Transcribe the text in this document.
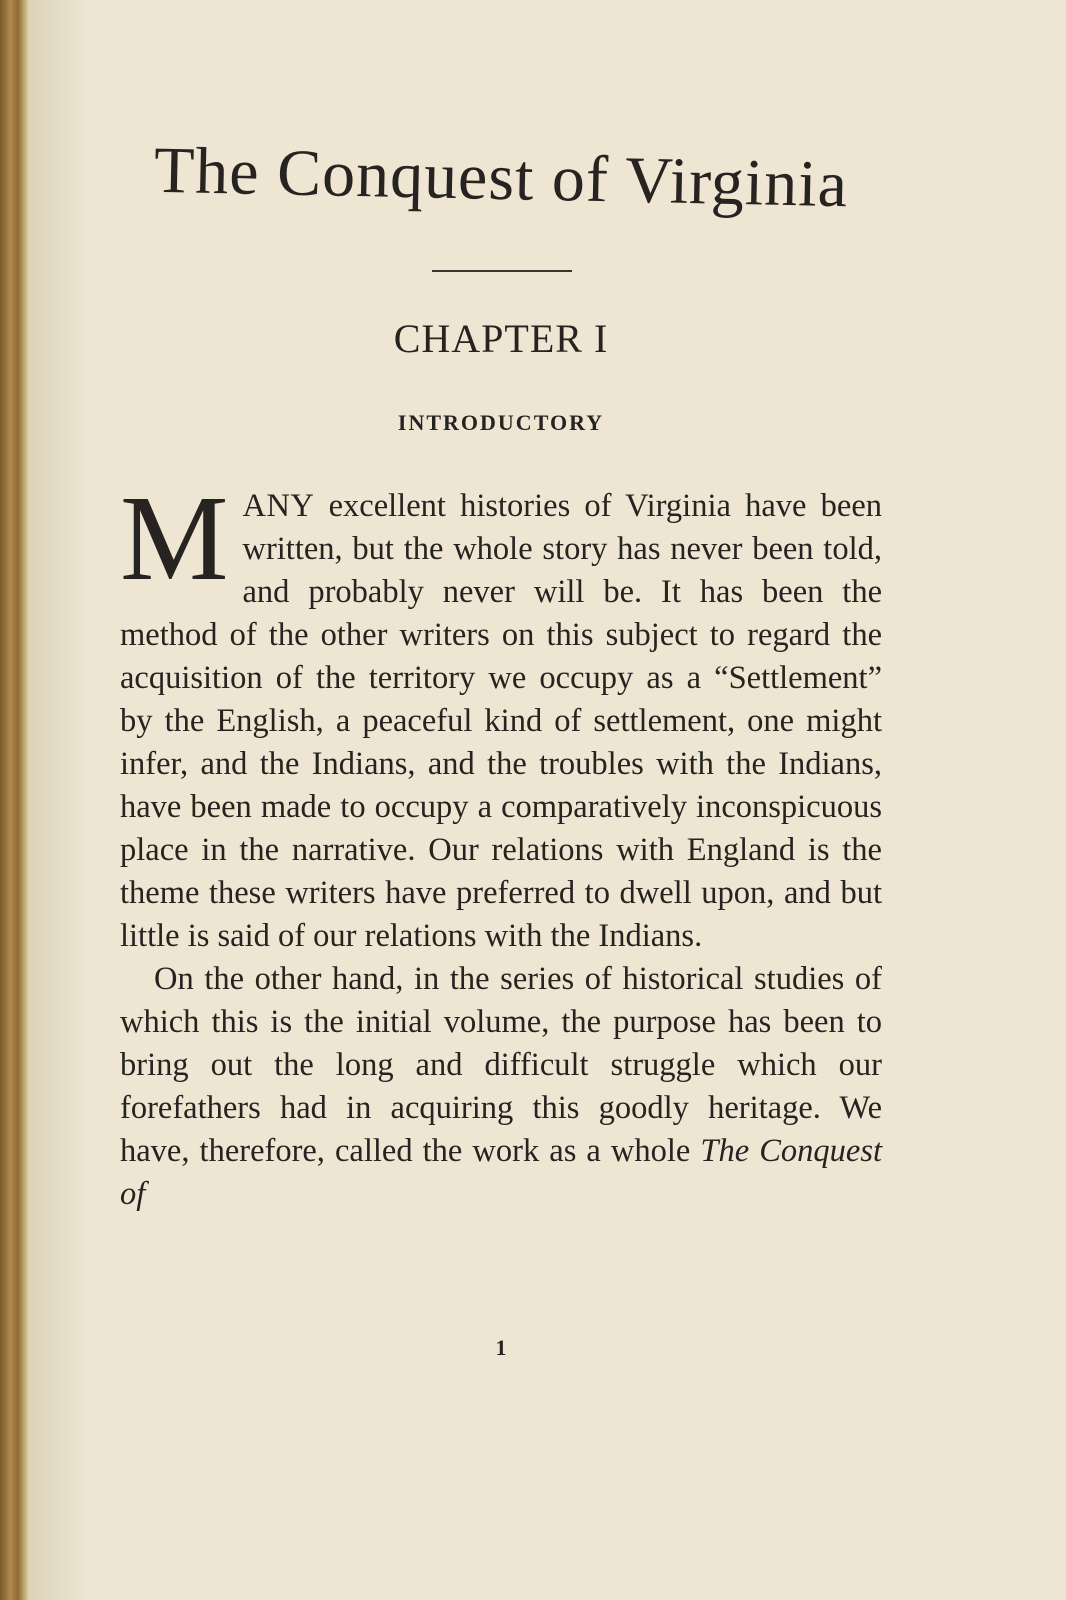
The Conquest of Virginia
CHAPTER I
INTRODUCTORY

MANY excellent histories of Virginia have been written, but the whole story has never been told, and probably never will be. It has been the method of the other writers on this subject to regard the acquisition of the territory we occupy as a “Settlement” by the English, a peaceful kind of settlement, one might infer, and the Indians, and the troubles with the Indians, have been made to occupy a comparatively inconspicuous place in the narrative. Our relations with England is the theme these writers have preferred to dwell upon, and but little is said of our relations with the Indians.

On the other hand, in the series of historical studies of which this is the initial volume, the purpose has been to bring out the long and difficult struggle which our forefathers had in acquiring this goodly heritage. We have, therefore, called the work as a whole The Conquest of

1
